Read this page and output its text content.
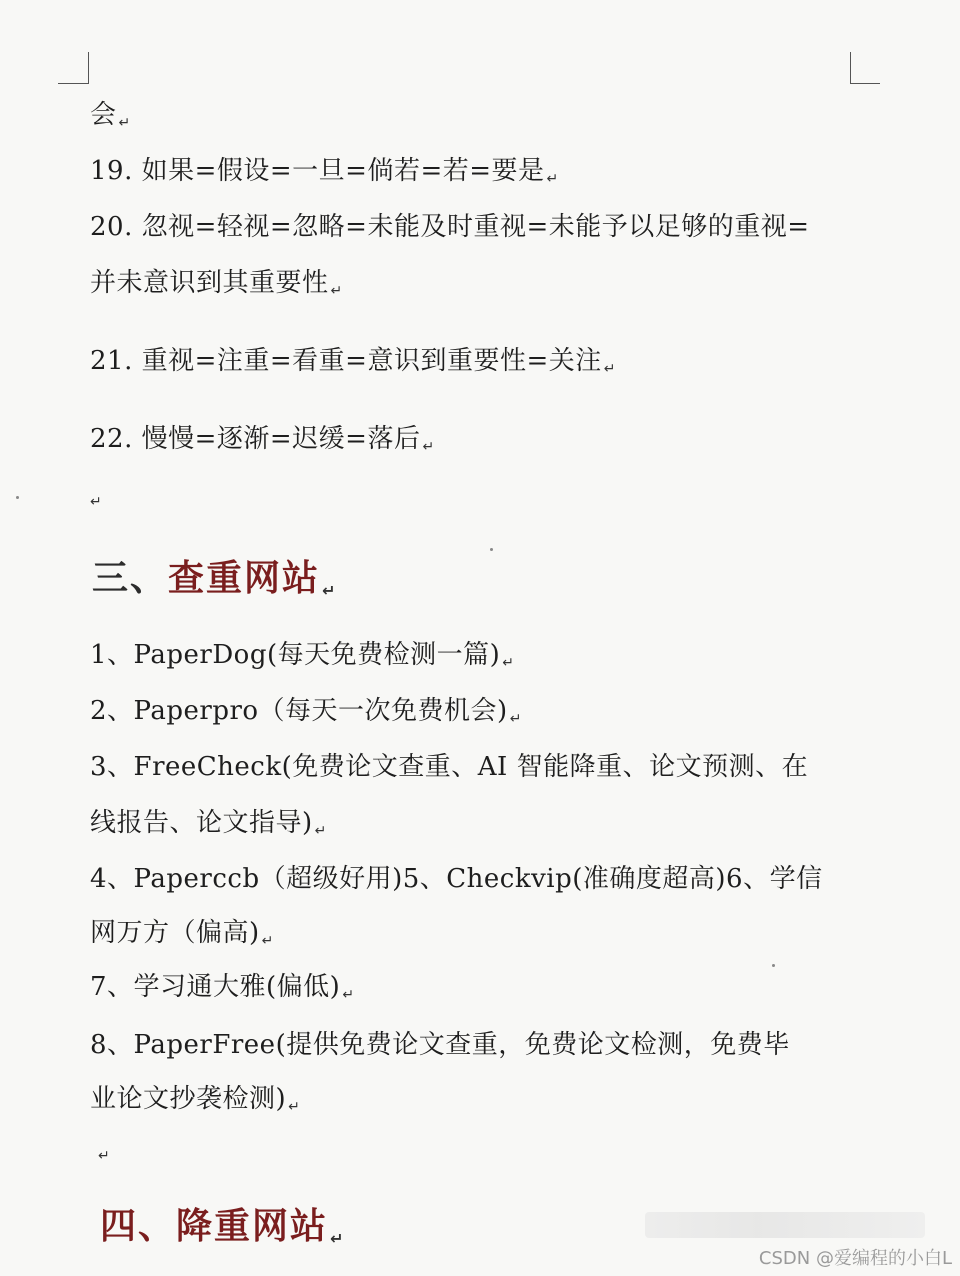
会 ↵

19. 如果=假设=一旦=倘若=若=要是 ↵

20. 忽视=轻视=忽略=未能及时重视=未能予以足够的重视=

并未意识到其重要性 ↵

21. 重视=注重=看重=意识到重要性=关注 ↵

22. 慢慢=逐渐=迟缓=落后 ↵

↵
三、查重网站 ↵

1、PaperDog(每天免费检测一篇) ↵

2、Paperpro（每天一次免费机会) ↵

3、FreeCheck(免费论文查重、AI 智能降重、论文预测、在

线报告、论文指导) ↵

4、Paperccb（超级好用)5、Checkvip(准确度超高)6、学信

网万方（偏高) ↵

7、学习通大雅(偏低) ↵

8、PaperFree(提供免费论文查重，免费论文检测，免费毕

业论文抄袭检测) ↵

↵
四、降重网站 ↵
CSDN @爱编程的小白L
